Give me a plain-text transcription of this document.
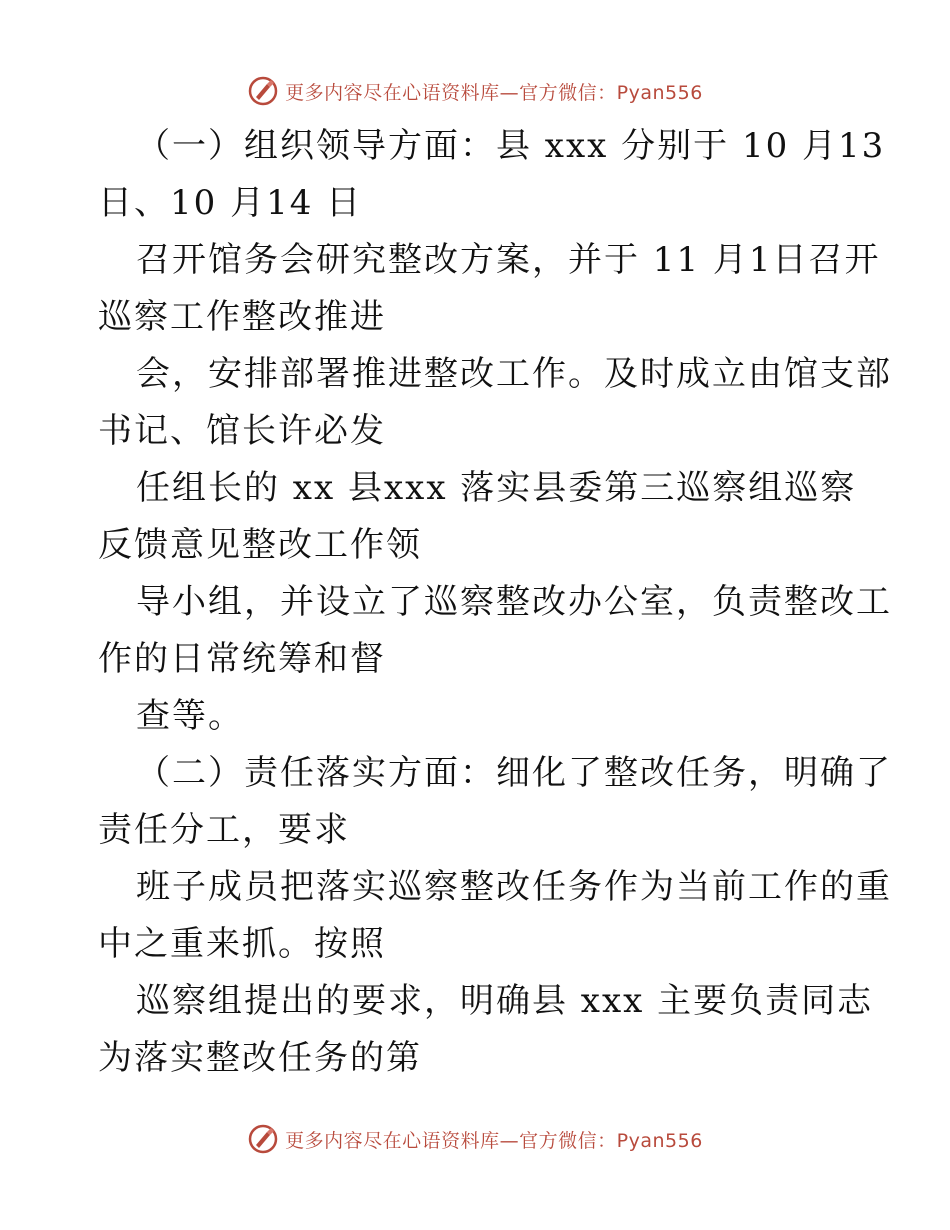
更多内容尽在心语资料库—官方微信：Pyan556
（一）组织领导方面：县 xxx 分别于 10 月13
日、10 月14 日
召开馆务会研究整改方案，并于 11 月1日召开
巡察工作整改推进
会，安排部署推进整改工作。及时成立由馆支部
书记、馆长许必发
任组长的 xx 县xxx 落实县委第三巡察组巡察
反馈意见整改工作领
导小组，并设立了巡察整改办公室，负责整改工
作的日常统筹和督
查等。
（二）责任落实方面：细化了整改任务，明确了
责任分工，要求
班子成员把落实巡察整改任务作为当前工作的重
中之重来抓。按照
巡察组提出的要求，明确县 xxx 主要负责同志
为落实整改任务的第
更多内容尽在心语资料库—官方微信：Pyan556
